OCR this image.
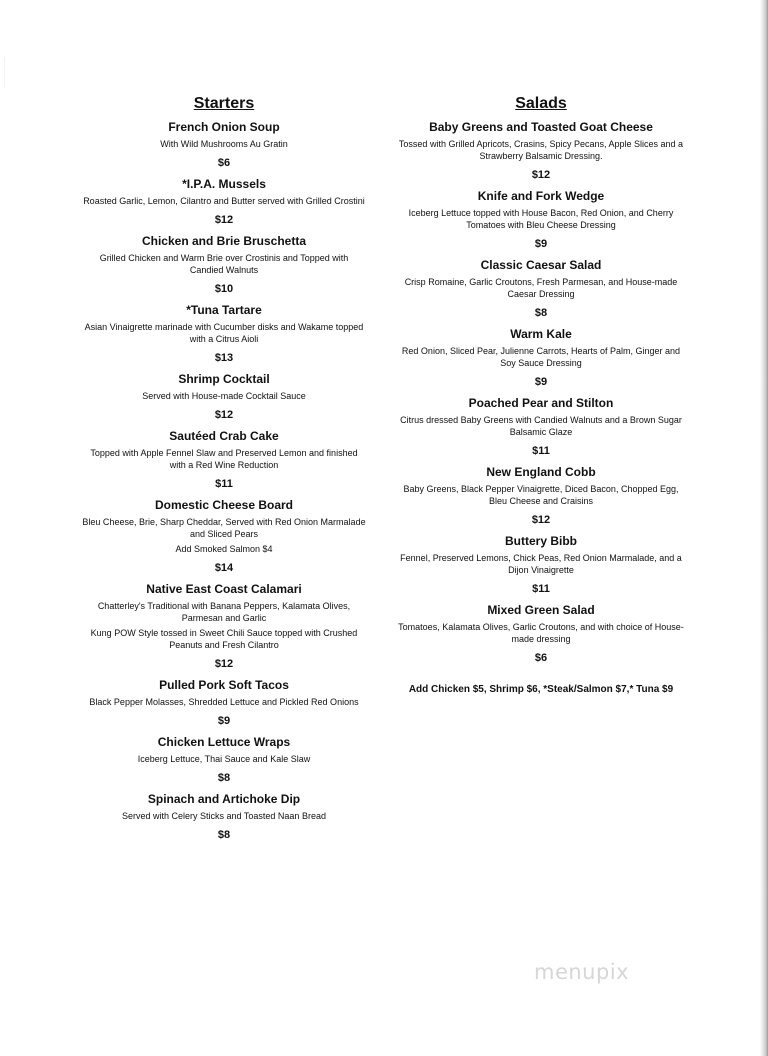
Starters
French Onion Soup
With Wild Mushrooms Au Gratin
$6
*I.P.A. Mussels
Roasted Garlic, Lemon, Cilantro and Butter served with Grilled Crostini
$12
Chicken and Brie Bruschetta
Grilled Chicken and Warm Brie over Crostinis and Topped with Candied Walnuts
$10
*Tuna Tartare
Asian Vinaigrette marinade with Cucumber disks and Wakame topped with a Citrus Aioli
$13
Shrimp Cocktail
Served with House-made Cocktail Sauce
$12
Sautéed Crab Cake
Topped with Apple Fennel Slaw and Preserved Lemon and finished with a Red Wine Reduction
$11
Domestic Cheese Board
Bleu Cheese, Brie, Sharp Cheddar, Served with Red Onion Marmalade and Sliced Pears
Add Smoked Salmon $4
$14
Native East Coast Calamari
Chatterley's Traditional with Banana Peppers, Kalamata Olives, Parmesan and Garlic
Kung POW Style tossed in Sweet Chili Sauce topped with Crushed Peanuts and Fresh Cilantro
$12
Pulled Pork Soft Tacos
Black Pepper Molasses, Shredded Lettuce and Pickled Red Onions
$9
Chicken Lettuce Wraps
Iceberg Lettuce, Thai Sauce and Kale Slaw
$8
Spinach and Artichoke Dip
Served with Celery Sticks and Toasted Naan Bread
$8
Salads
Baby Greens and Toasted Goat Cheese
Tossed with Grilled Apricots, Crasins, Spicy Pecans, Apple Slices and a Strawberry Balsamic Dressing.
$12
Knife and Fork Wedge
Iceberg Lettuce topped with House Bacon, Red Onion, and Cherry Tomatoes with Bleu Cheese Dressing
$9
Classic Caesar Salad
Crisp Romaine, Garlic Croutons, Fresh Parmesan, and House-made Caesar Dressing
$8
Warm Kale
Red Onion, Sliced Pear, Julienne Carrots, Hearts of Palm, Ginger and Soy Sauce Dressing
$9
Poached Pear and Stilton
Citrus dressed Baby Greens with Candied Walnuts and a Brown Sugar Balsamic Glaze
$11
New England Cobb
Baby Greens, Black Pepper Vinaigrette, Diced Bacon, Chopped Egg, Bleu Cheese and Craisins
$12
Buttery Bibb
Fennel, Preserved Lemons, Chick Peas, Red Onion Marmalade, and a Dijon Vinaigrette
$11
Mixed Green Salad
Tomatoes, Kalamata Olives, Garlic Croutons, and with choice of House-made dressing
$6
Add Chicken $5, Shrimp $6, *Steak/Salmon $7,* Tuna $9
menupix
